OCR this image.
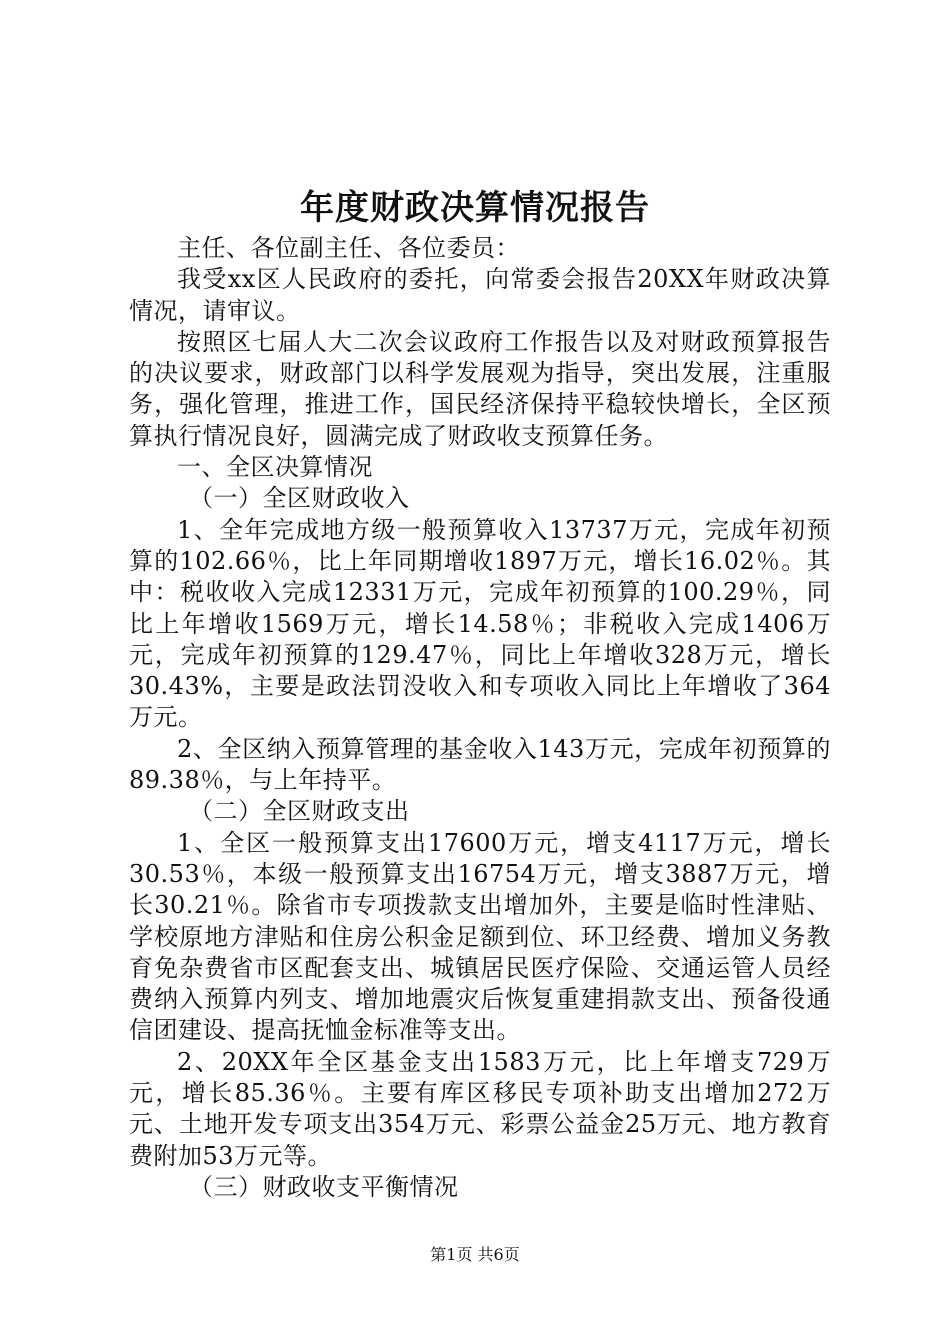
年度财政决算情况报告

主任、各位副主任、各位委员：

我受xx区人民政府的委托，向常委会报告20XX年财政决算情况，请审议。

按照区七届人大二次会议政府工作报告以及对财政预算报告的决议要求，财政部门以科学发展观为指导，突出发展，注重服务，强化管理，推进工作，国民经济保持平稳较快增长，全区预算执行情况良好，圆满完成了财政收支预算任务。

一、全区决算情况

（一）全区财政收入

1、全年完成地方级一般预算收入13737万元，完成年初预算的102.66％，比上年同期增收1897万元，增长16.02％。其中：税收收入完成12331万元，完成年初预算的100.29％，同比上年增收1569万元，增长14.58％；非税收入完成1406万元，完成年初预算的129.47％，同比上年增收328万元，增长30.43%，主要是政法罚没收入和专项收入同比上年增收了364万元。

2、全区纳入预算管理的基金收入143万元，完成年初预算的89.38％，与上年持平。

（二）全区财政支出

1、全区一般预算支出17600万元，增支4117万元，增长30.53％，本级一般预算支出16754万元，增支3887万元，增长30.21％。除省市专项拨款支出增加外，主要是临时性津贴、学校原地方津贴和住房公积金足额到位、环卫经费、增加义务教育免杂费省市区配套支出、城镇居民医疗保险、交通运管人员经费纳入预算内列支、增加地震灾后恢复重建捐款支出、预备役通信团建设、提高抚恤金标准等支出。

2、20XX年全区基金支出1583万元，比上年增支729万元，增长85.36％。主要有库区移民专项补助支出增加272万元、土地开发专项支出354万元、彩票公益金25万元、地方教育费附加53万元等。

（三）财政收支平衡情况

第1页 共6页
